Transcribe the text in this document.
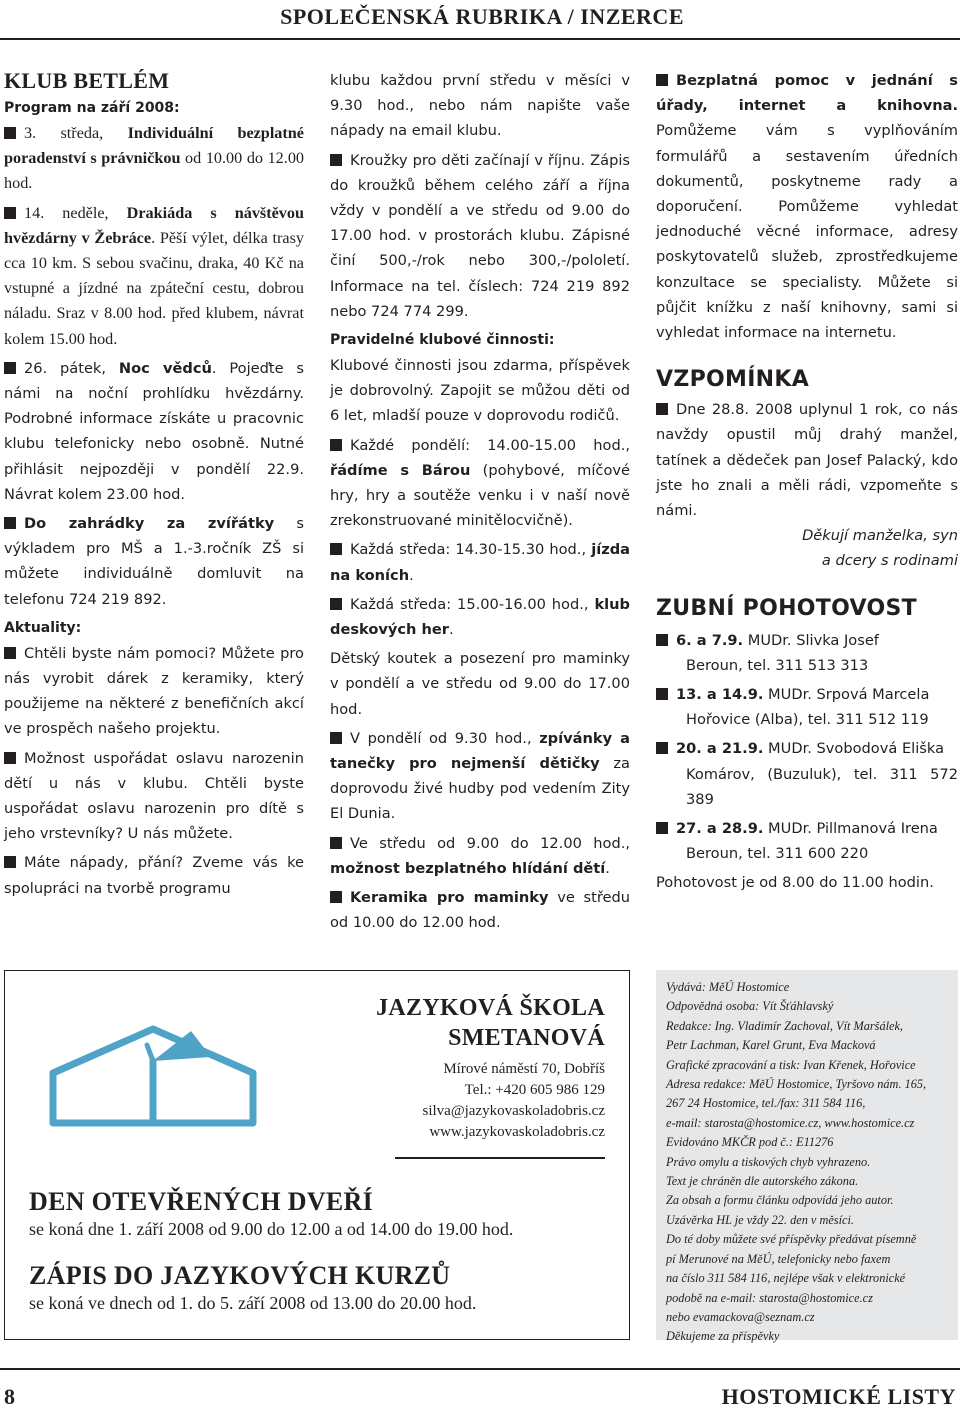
SPOLEČENSKÁ RUBRIKA / INZERCE
KLUB BETLÉM
Program na září 2008:

3. středa, Individuální bezplatné poradenství s právničkou od 10.00 do 12.00 hod.

14. neděle, Drakiáda s návštěvou hvězdárny v Žebráce. Pěší výlet, délka trasy cca 10 km. S sebou svačinu, draka, 40 Kč na vstupné a jízdné na zpáteční cestu, dobrou náladu. Sraz v 8.00 hod. před klubem, návrat kolem 15.00 hod.

26. pátek, Noc vědců. Pojeďte s námi na noční prohlídku hvězdárny. Podrobné informace získáte u pracovnic klubu telefonicky nebo osobně. Nutné přihlásit nejpozději v pondělí 22.9. Návrat kolem 23.00 hod.

Do zahrádky za zvířátky s výkladem pro MŠ a 1.-3.ročník ZŠ si můžete individuálně domluvit na telefonu 724 219 892.

Aktuality:

Chtěli byste nám pomoci? Můžete pro nás vyrobit dárek z keramiky, který použijeme na některé z benefičních akcí ve prospěch našeho projektu.

Možnost uspořádat oslavu narozenin dětí u nás v klubu. Chtěli byste uspořádat oslavu narozenin pro dítě s jeho vrstevníky? U nás můžete.

Máte nápady, přání? Zveme vás ke spolupráci na tvorbě programu

klubu každou první středu v měsíci v 9.30 hod., nebo nám napište vaše nápady na email klubu.

Kroužky pro děti začínají v říjnu. Zápis do kroužků během celého září a října vždy v pondělí a ve středu od 9.00 do 17.00 hod. v prostorách klubu. Zápisné činí 500,-/rok nebo 300,-/pololetí. Informace na tel. číslech: 724 219 892 nebo 724 774 299.

Pravidelné klubové činnosti:

Klubové činnosti jsou zdarma, příspěvek je dobrovolný. Zapojit se můžou děti od 6 let, mladší pouze v doprovodu rodičů.

Každé pondělí: 14.00-15.00 hod., řádíme s Bárou (pohybové, míčové hry, hry a soutěže venku i v naší nově zrekonstruované minitělocvičně).

Každá středa: 14.30-15.30 hod., jízda na koních.

Každá středa: 15.00-16.00 hod., klub deskových her.

Dětský koutek a posezení pro maminky v pondělí a ve středu od 9.00 do 17.00 hod.

V pondělí od 9.30 hod., zpívánky a tanečky pro nejmenší dětičky za doprovodu živé hudby pod vedením Zity El Dunia.

Ve středu od 9.00 do 12.00 hod., možnost bezplatného hlídání dětí.

Keramika pro maminky ve středu od 10.00 do 12.00 hod.

Bezplatná pomoc v jednání s úřady, internet a knihovna. Pomůžeme vám s vyplňováním formulářů a sestavením úředních dokumentů, poskytneme rady a doporučení. Pomůžeme vyhledat jednoduché věcné informace, adresy poskytovatelů služeb, zprostředkujeme konzultace se specialisty. Můžete si půjčit knížku z naší knihovny, sami si vyhledat informace na internetu.

VZPOMÍNKA

Dne 28.8. 2008 uplynul 1 rok, co nás navždy opustil můj drahý manžel, tatínek a dědeček pan Josef Palacký, kdo jste ho znali a měli rádi, vzpomeňte s námi.

Děkují manželka, syn

a dcery s rodinami

ZUBNÍ POHOTOVOST

6. a 7.9. MUDr. Slivka Josef

Beroun, tel. 311 513 313

13. a 14.9. MUDr. Srpová Marcela

Hořovice (Alba), tel. 311 512 119

20. a 21.9. MUDr. Svobodová Eliška

Komárov, (Buzuluk), tel. 311 572 389

27. a 28.9. MUDr. Pillmanová Irena

Beroun, tel. 311 600 220

Pohotovost je od 8.00 do 11.00 hodin.

JAZYKOVÁ ŠKOLA
SMETANOVÁ
Mírové náměstí 70, Dobříš
Tel.: +420 605 986 129
silva@jazykovaskoladobris.cz
www.jazykovaskoladobris.cz
DEN OTEVŘENÝCH DVEŘÍ
se koná dne 1. září 2008 od 9.00 do 12.00 a od 14.00 do 19.00 hod.
ZÁPIS DO JAZYKOVÝCH KURZŮ
se koná ve dnech od 1. do 5. září 2008 od 13.00 do 20.00 hod.
Vydává: MěÚ Hostomice
Odpovědná osoba: Vít Šťáhlavský
Redakce: Ing. Vladimír Zachoval, Vít Maršálek,
Petr Lachman, Karel Grunt, Eva Macková
Grafické zpracování a tisk: Ivan Křenek, Hořovice
Adresa redakce: MěÚ Hostomice, Tyršovo nám. 165,
267 24 Hostomice, tel./fax: 311 584 116,
e-mail: starosta@hostomice.cz, www.hostomice.cz
Evidováno MKČR pod č.: E11276
Právo omylu a tiskových chyb vyhrazeno.
Text je chráněn dle autorského zákona.
Za obsah a formu článku odpovídá jeho autor.
Uzávěrka HL je vždy 22. den v měsíci.
Do té doby můžete své příspěvky předávat písemně
pí Merunové na MěÚ, telefonicky nebo faxem
na číslo 311 584 116, nejlépe však v elektronické
podobě na e-mail: starosta@hostomice.cz
nebo evamackova@seznam.cz
Děkujeme za příspěvky
8	HOSTOMICKÉ LISTY
